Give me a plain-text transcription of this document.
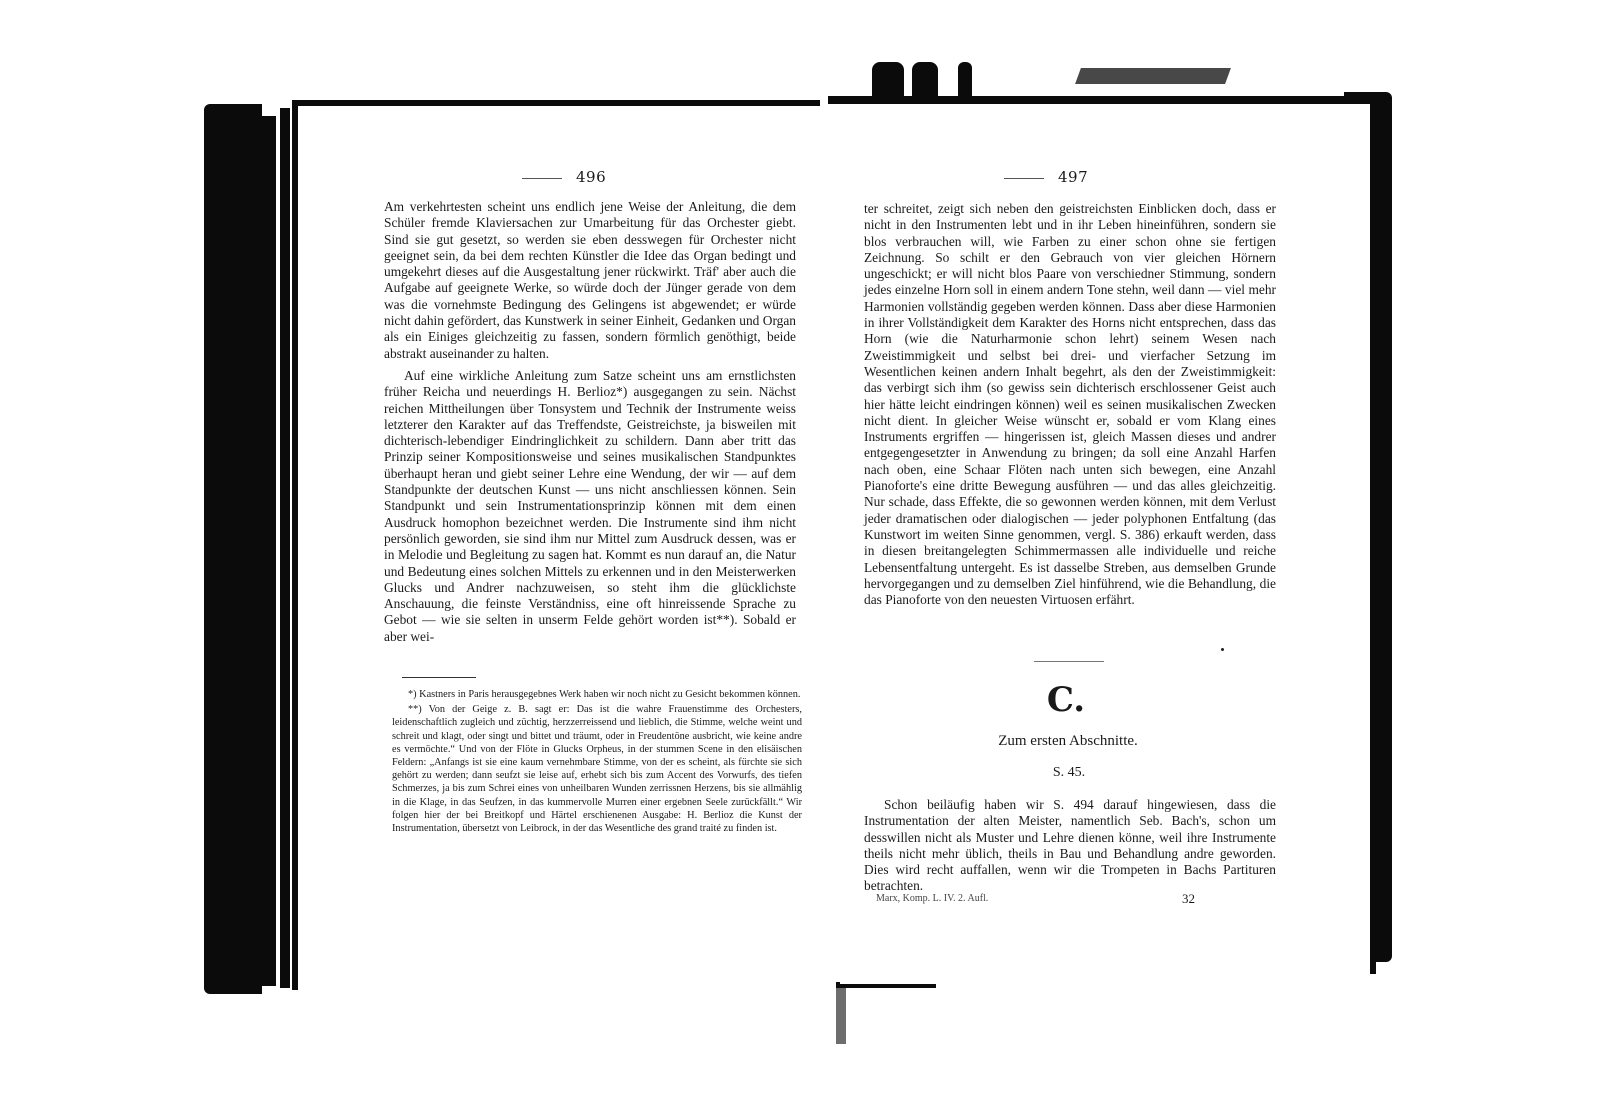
496

Am verkehrtesten scheint uns endlich jene Weise der Anleitung, die dem Schüler fremde Klaviersachen zur Umarbeitung für das Orchester giebt. Sind sie gut gesetzt, so werden sie eben desswegen für Orchester nicht geeignet sein, da bei dem rechten Künstler die Idee das Organ bedingt und umgekehrt dieses auf die Ausgestaltung jener rückwirkt. Träf' aber auch die Aufgabe auf geeignete Werke, so würde doch der Jünger gerade von dem was die vornehmste Bedingung des Gelingens ist abgewendet; er würde nicht dahin gefördert, das Kunstwerk in seiner Einheit, Gedanken und Organ als ein Einiges gleichzeitig zu fassen, sondern förmlich genöthigt, beide abstrakt auseinander zu halten.

Auf eine wirkliche Anleitung zum Satze scheint uns am ernstlichsten früher Reicha und neuerdings H. Berlioz*) ausgegangen zu sein. Nächst reichen Mittheilungen über Tonsystem und Technik der Instrumente weiss letzterer den Karakter auf das Treffendste, Geistreichste, ja bisweilen mit dichterisch-lebendiger Eindringlichkeit zu schildern. Dann aber tritt das Prinzip seiner Kompositionsweise und seines musikalischen Standpunktes überhaupt heran und giebt seiner Lehre eine Wendung, der wir — auf dem Standpunkte der deutschen Kunst — uns nicht anschliessen können. Sein Standpunkt und sein Instrumentationsprinzip können mit dem einen Ausdruck homophon bezeichnet werden. Die Instrumente sind ihm nicht persönlich geworden, sie sind ihm nur Mittel zum Ausdruck dessen, was er in Melodie und Begleitung zu sagen hat. Kommt es nun darauf an, die Natur und Bedeutung eines solchen Mittels zu erkennen und in den Meisterwerken Glucks und Andrer nachzuweisen, so steht ihm die glücklichste Anschauung, die feinste Verständniss, eine oft hinreissende Sprache zu Gebot — wie sie selten in unserm Felde gehört worden ist**). Sobald er aber wei-

*) Kastners in Paris herausgegebnes Werk haben wir noch nicht zu Gesicht bekommen können.

**) Von der Geige z. B. sagt er: Das ist die wahre Frauenstimme des Orchesters, leidenschaftlich zugleich und züchtig, herzzerreissend und lieblich, die Stimme, welche weint und schreit und klagt, oder singt und bittet und träumt, oder in Freudentöne ausbricht, wie keine andre es vermöchte.“ Und von der Flöte in Glucks Orpheus, in der stummen Scene in den elisäischen Feldern: „Anfangs ist sie eine kaum vernehmbare Stimme, von der es scheint, als fürchte sie sich gehört zu werden; dann seufzt sie leise auf, erhebt sich bis zum Accent des Vorwurfs, des tiefen Schmerzes, ja bis zum Schrei eines von unheilbaren Wunden zerrissnen Herzens, bis sie allmählig in die Klage, in das Seufzen, in das kummervolle Murren einer ergebnen Seele zurückfällt.“ Wir folgen hier der bei Breitkopf und Härtel erschienenen Ausgabe: H. Berlioz die Kunst der Instrumentation, übersetzt von Leibrock, in der das Wesentliche des grand traité zu finden ist.

497

ter schreitet, zeigt sich neben den geistreichsten Einblicken doch, dass er nicht in den Instrumenten lebt und in ihr Leben hineinführen, sondern sie blos verbrauchen will, wie Farben zu einer schon ohne sie fertigen Zeichnung. So schilt er den Gebrauch von vier gleichen Hörnern ungeschickt; er will nicht blos Paare von verschiedner Stimmung, sondern jedes einzelne Horn soll in einem andern Tone stehn, weil dann — viel mehr Harmonien vollständig gegeben werden können. Dass aber diese Harmonien in ihrer Vollständigkeit dem Karakter des Horns nicht entsprechen, dass das Horn (wie die Naturharmonie schon lehrt) seinem Wesen nach Zweistimmigkeit und selbst bei drei- und vierfacher Setzung im Wesentlichen keinen andern Inhalt begehrt, als den der Zweistimmigkeit: das verbirgt sich ihm (so gewiss sein dichterisch erschlossener Geist auch hier hätte leicht eindringen können) weil es seinen musikalischen Zwecken nicht dient. In gleicher Weise wünscht er, sobald er vom Klang eines Instruments ergriffen — hingerissen ist, gleich Massen dieses und andrer entgegengesetzter in Anwendung zu bringen; da soll eine Anzahl Harfen nach oben, eine Schaar Flöten nach unten sich bewegen, eine Anzahl Pianoforte's eine dritte Bewegung ausführen — und das alles gleichzeitig. Nur schade, dass Effekte, die so gewonnen werden können, mit dem Verlust jeder dramatischen oder dialogischen — jeder polyphonen Entfaltung (das Kunstwort im weiten Sinne genommen, vergl. S. 386) erkauft werden, dass in diesen breitangelegten Schimmermassen alle individuelle und reiche Lebensentfaltung untergeht. Es ist dasselbe Streben, aus demselben Grunde hervorgegangen und zu demselben Ziel hinführend, wie die Behandlung, die das Pianoforte von den neuesten Virtuosen erfährt.

C.
Zum ersten Abschnitte.
S. 45.

Schon beiläufig haben wir S. 494 darauf hingewiesen, dass die Instrumentation der alten Meister, namentlich Seb. Bach's, schon um desswillen nicht als Muster und Lehre dienen könne, weil ihre Instrumente theils nicht mehr üblich, theils in Bau und Behandlung andre geworden. Dies wird recht auffallen, wenn wir die Trompeten in Bachs Partituren betrachten.

Marx, Komp. L. IV. 2. Aufl.	32
